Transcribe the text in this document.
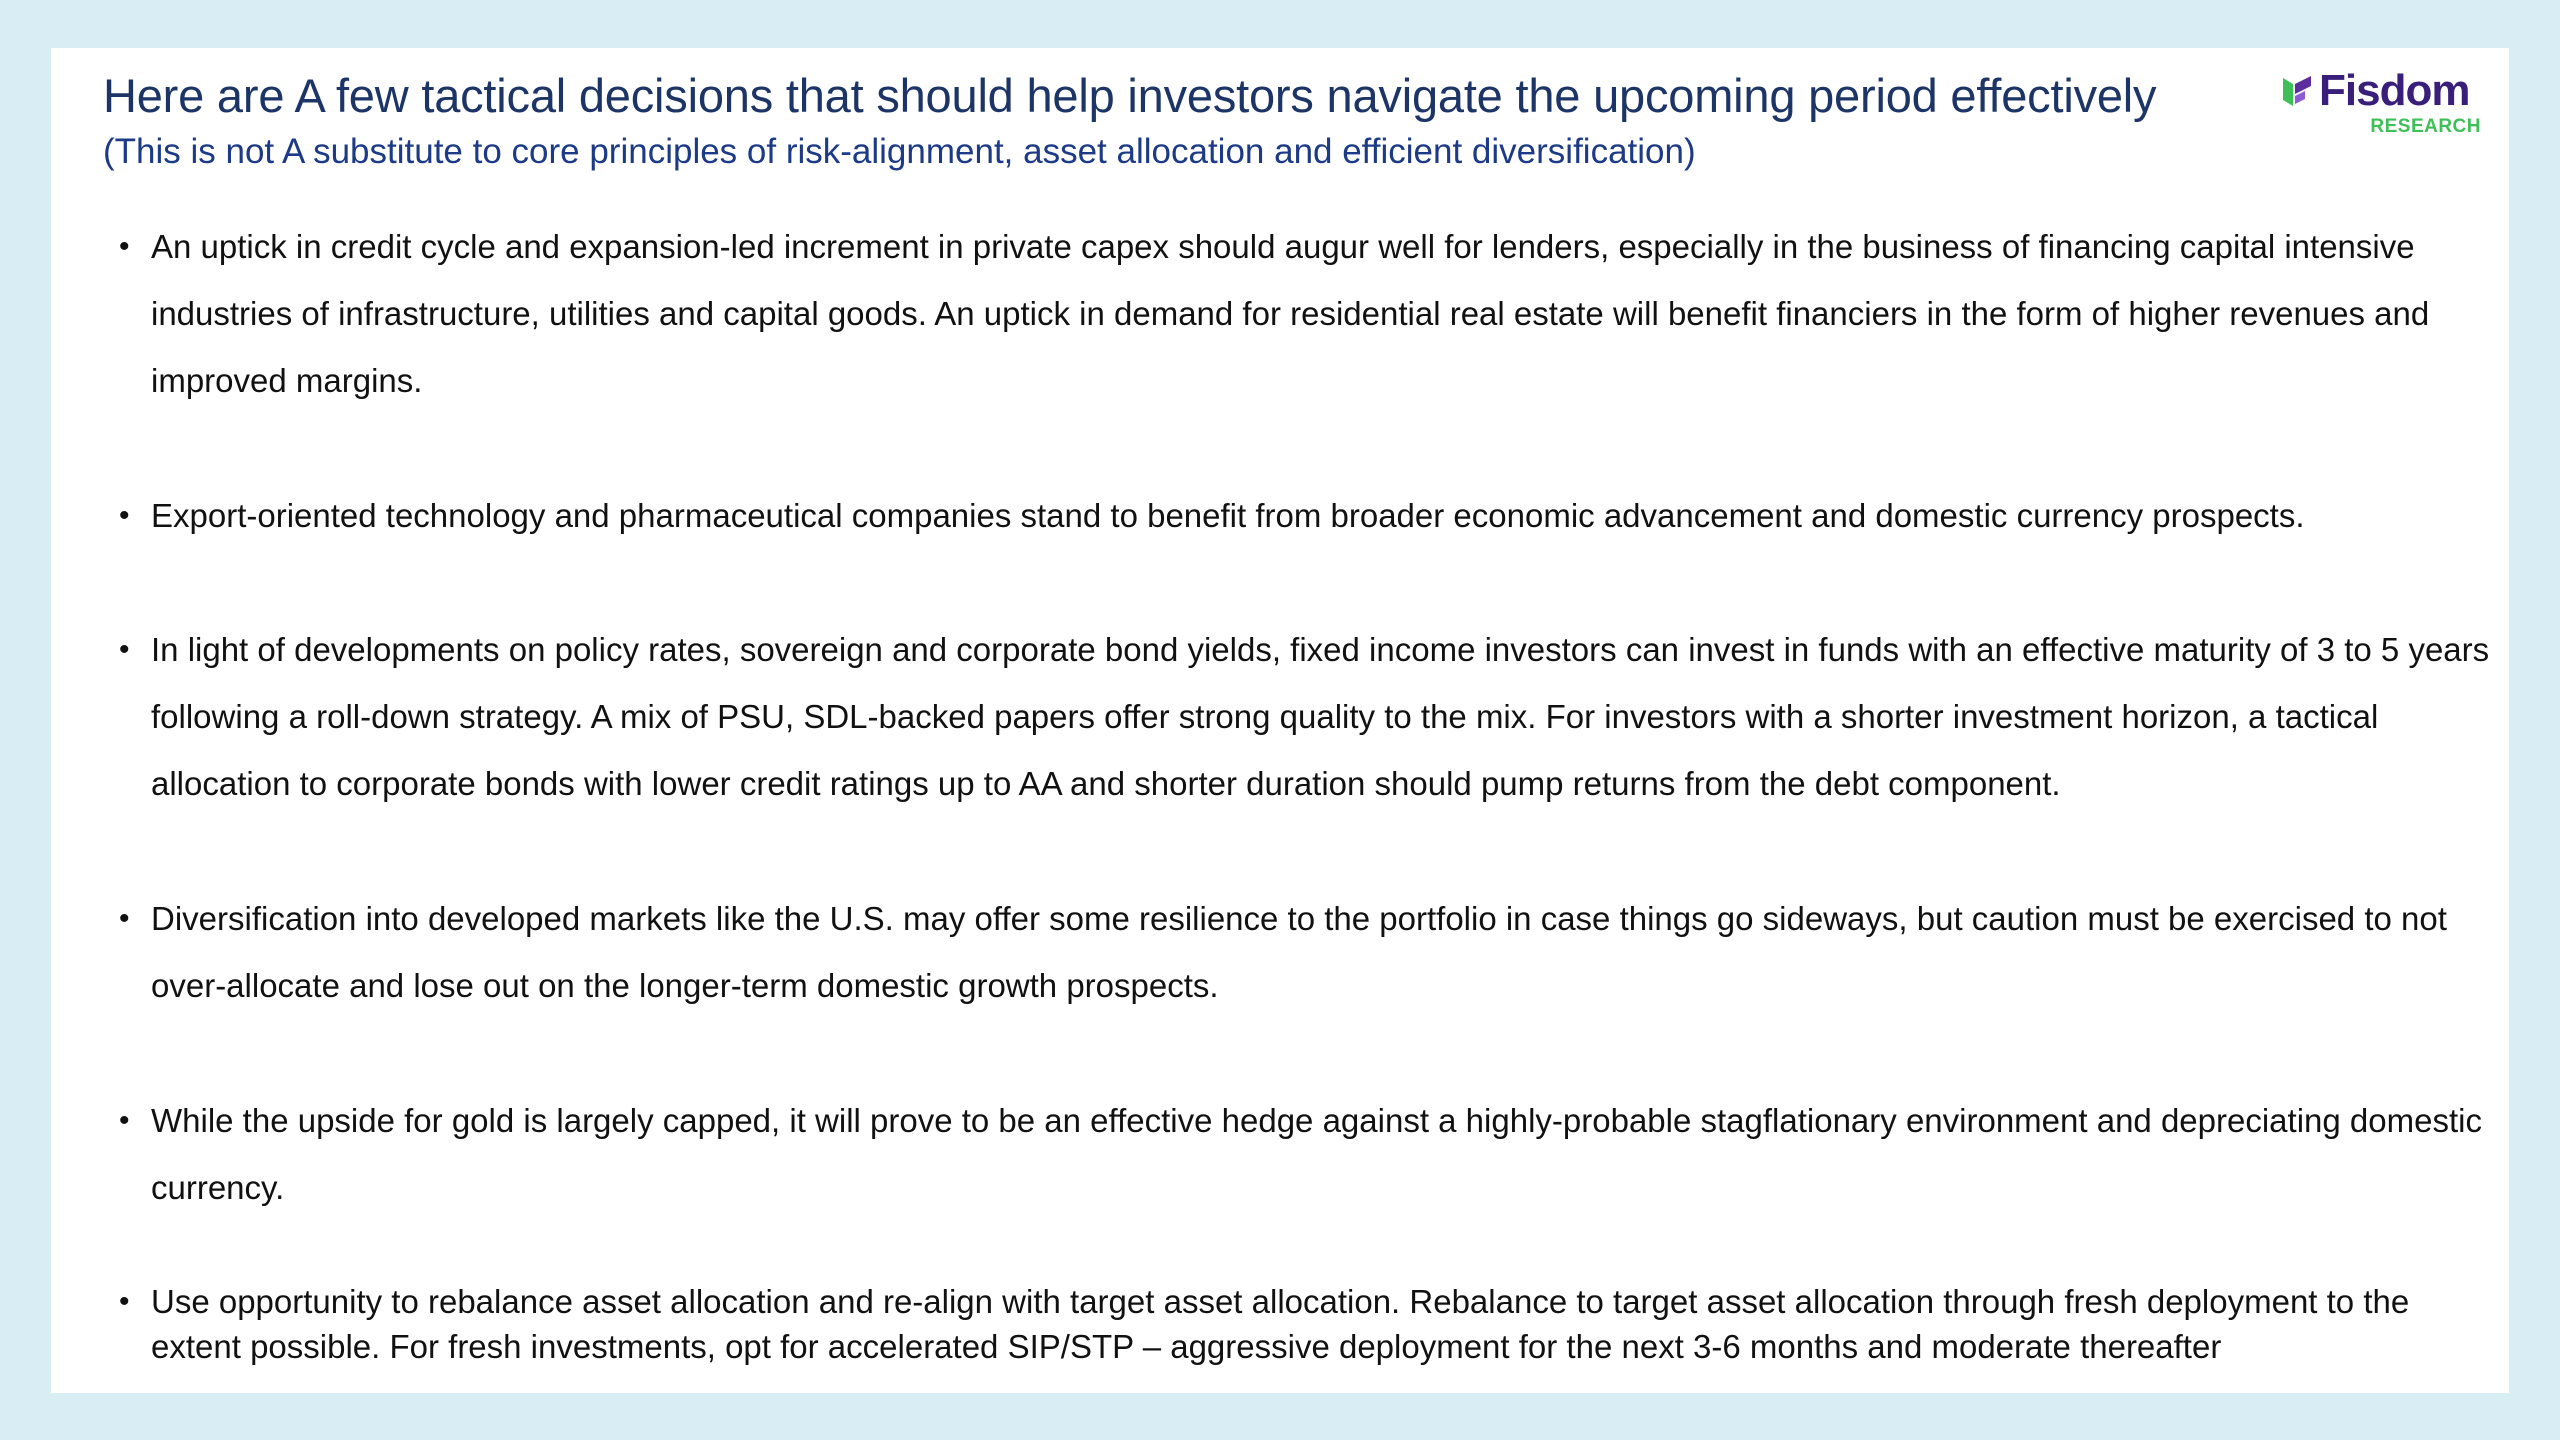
Here are A few tactical decisions that should help investors navigate the upcoming period effectively

(This is not A substitute to core principles of risk-alignment, asset allocation and efficient diversification)

Fisdom
RESEARCH
• An uptick in credit cycle and expansion-led increment in private capex should augur well for lenders, especially in the business of financing capital intensive industries of infrastructure, utilities and capital goods. An uptick in demand for residential real estate will benefit financiers in the form of higher revenues and improved margins.
• Export-oriented technology and pharmaceutical companies stand to benefit from broader economic advancement and domestic currency prospects.
• In light of developments on policy rates, sovereign and corporate bond yields, fixed income investors can invest in funds with an effective maturity of 3 to 5 years following a roll-down strategy. A mix of PSU, SDL-backed papers offer strong quality to the mix. For investors with a shorter investment horizon, a tactical allocation to corporate bonds with lower credit ratings up to AA and shorter duration should pump returns from the debt component.
• Diversification into developed markets like the U.S. may offer some resilience to the portfolio in case things go sideways, but caution must be exercised to not over-allocate and lose out on the longer-term domestic growth prospects.
• While the upside for gold is largely capped, it will prove to be an effective hedge against a highly-probable stagflationary environment and depreciating domestic currency.
• Use opportunity to rebalance asset allocation and re-align with target asset allocation. Rebalance to target asset allocation through fresh deployment to the extent possible. For fresh investments, opt for accelerated SIP/STP – aggressive deployment for the next 3-6 months and moderate thereafter
